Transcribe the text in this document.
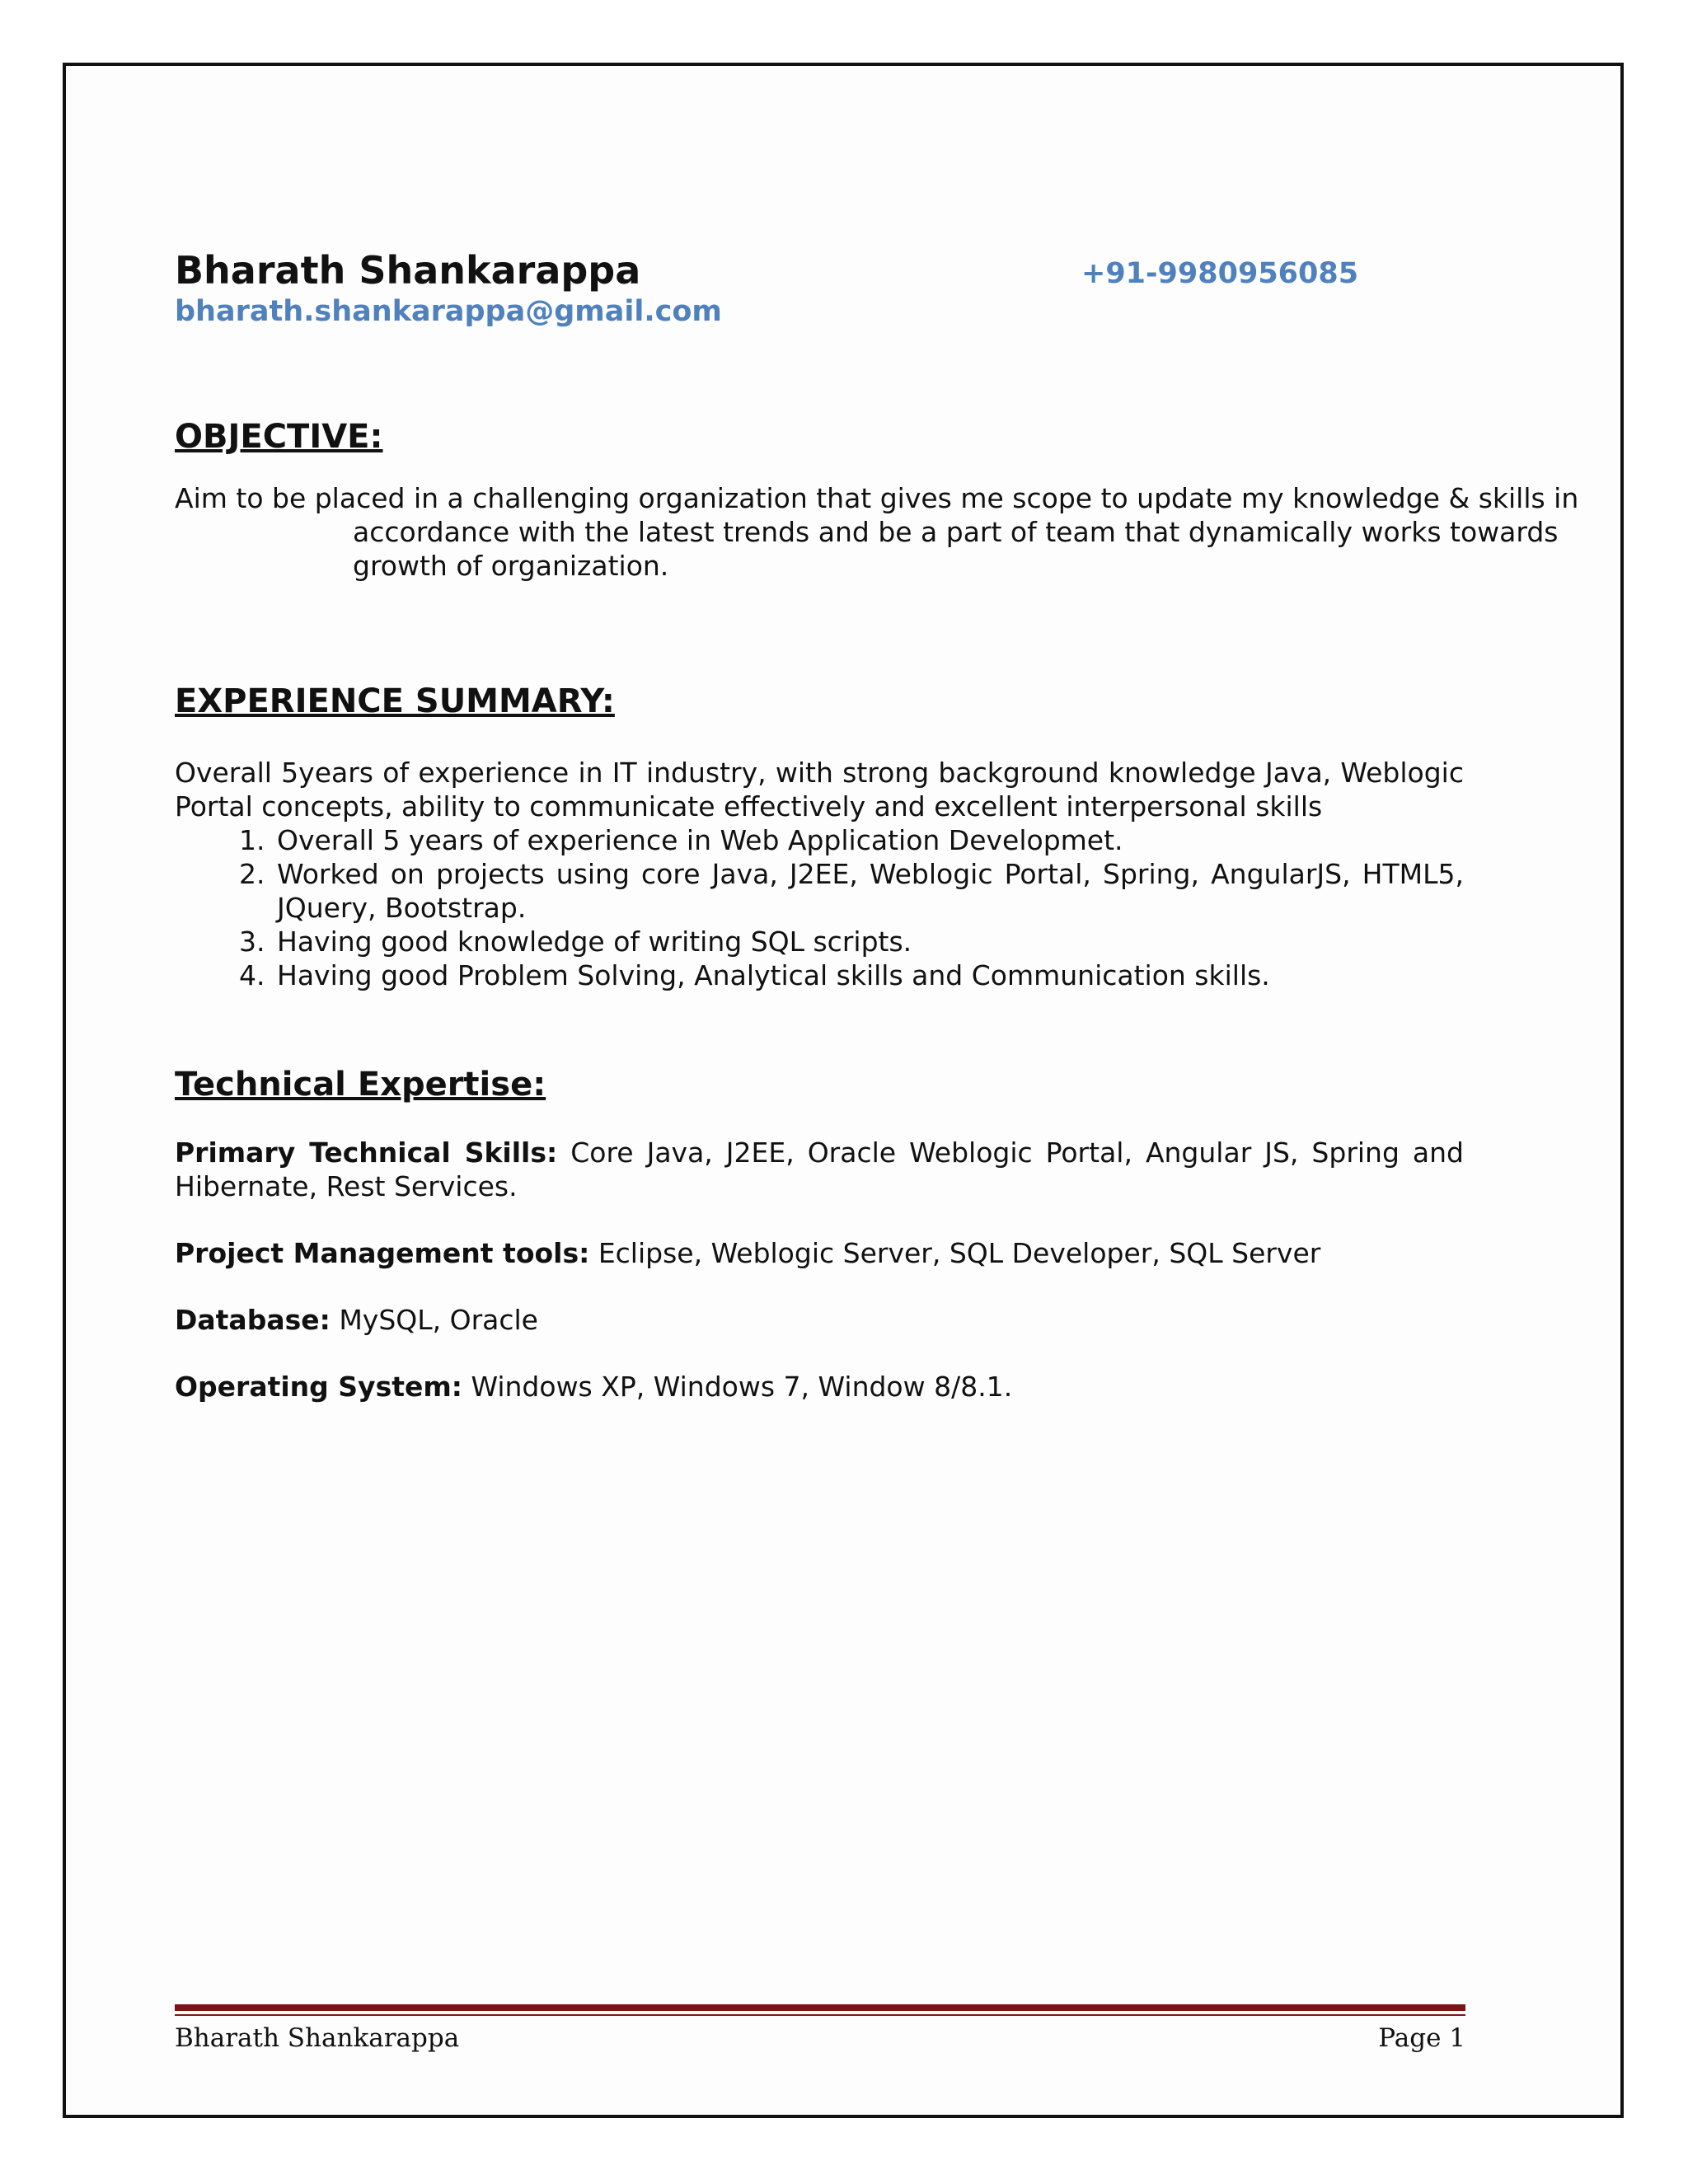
Bharath Shankarappa	+91-9980956085
bharath.shankarappa@gmail.com
OBJECTIVE:
Aim to be placed in a challenging organization that gives me scope to update my knowledge & skills in accordance with the latest trends and be a part of team that dynamically works towards growth of organization.
EXPERIENCE SUMMARY:
Overall 5years of experience in IT industry, with strong background knowledge Java, Weblogic Portal concepts, ability to communicate effectively and excellent interpersonal skills
1. Overall 5 years of experience in Web Application Developmet.
2. Worked on projects using core Java, J2EE, Weblogic Portal, Spring, AngularJS, HTML5, JQuery, Bootstrap.
3. Having good knowledge of writing SQL scripts.
4. Having good Problem Solving, Analytical skills and Communication skills.
Technical Expertise:
Primary Technical Skills: Core Java, J2EE, Oracle Weblogic Portal, Angular JS, Spring and Hibernate, Rest Services.
Project Management tools: Eclipse, Weblogic Server, SQL Developer, SQL Server
Database: MySQL, Oracle
Operating System: Windows XP, Windows 7, Window 8/8.1.
Bharath Shankarappa	Page 1
